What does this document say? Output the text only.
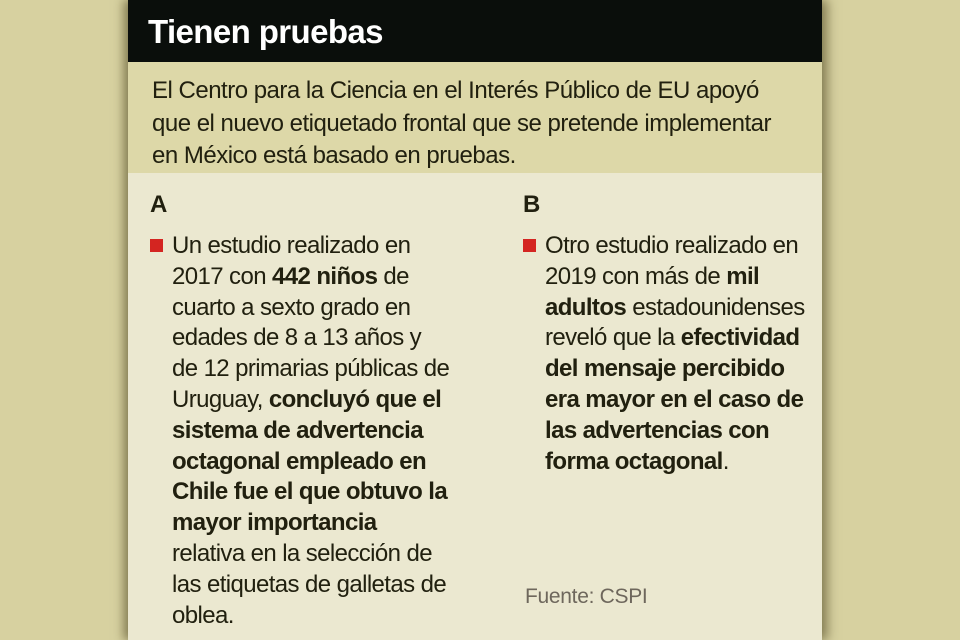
Tienen pruebas
El Centro para la Ciencia en el Interés Público de EU apoyó que el nuevo etiquetado frontal que se pretende implementar en México está basado en pruebas.
A
Un estudio realizado en 2017 con 442 niños de cuarto a sexto grado en edades de 8 a 13 años y de 12 primarias públicas de Uruguay, concluyó que el sistema de advertencia octagonal empleado en Chile fue el que obtuvo la mayor importancia relativa en la selección de las etiquetas de galletas de oblea.
B
Otro estudio realizado en 2019 con más de mil adultos estadounidenses reveló que la efectividad del mensaje percibido era mayor en el caso de las advertencias con forma octagonal.
Fuente: CSPI
